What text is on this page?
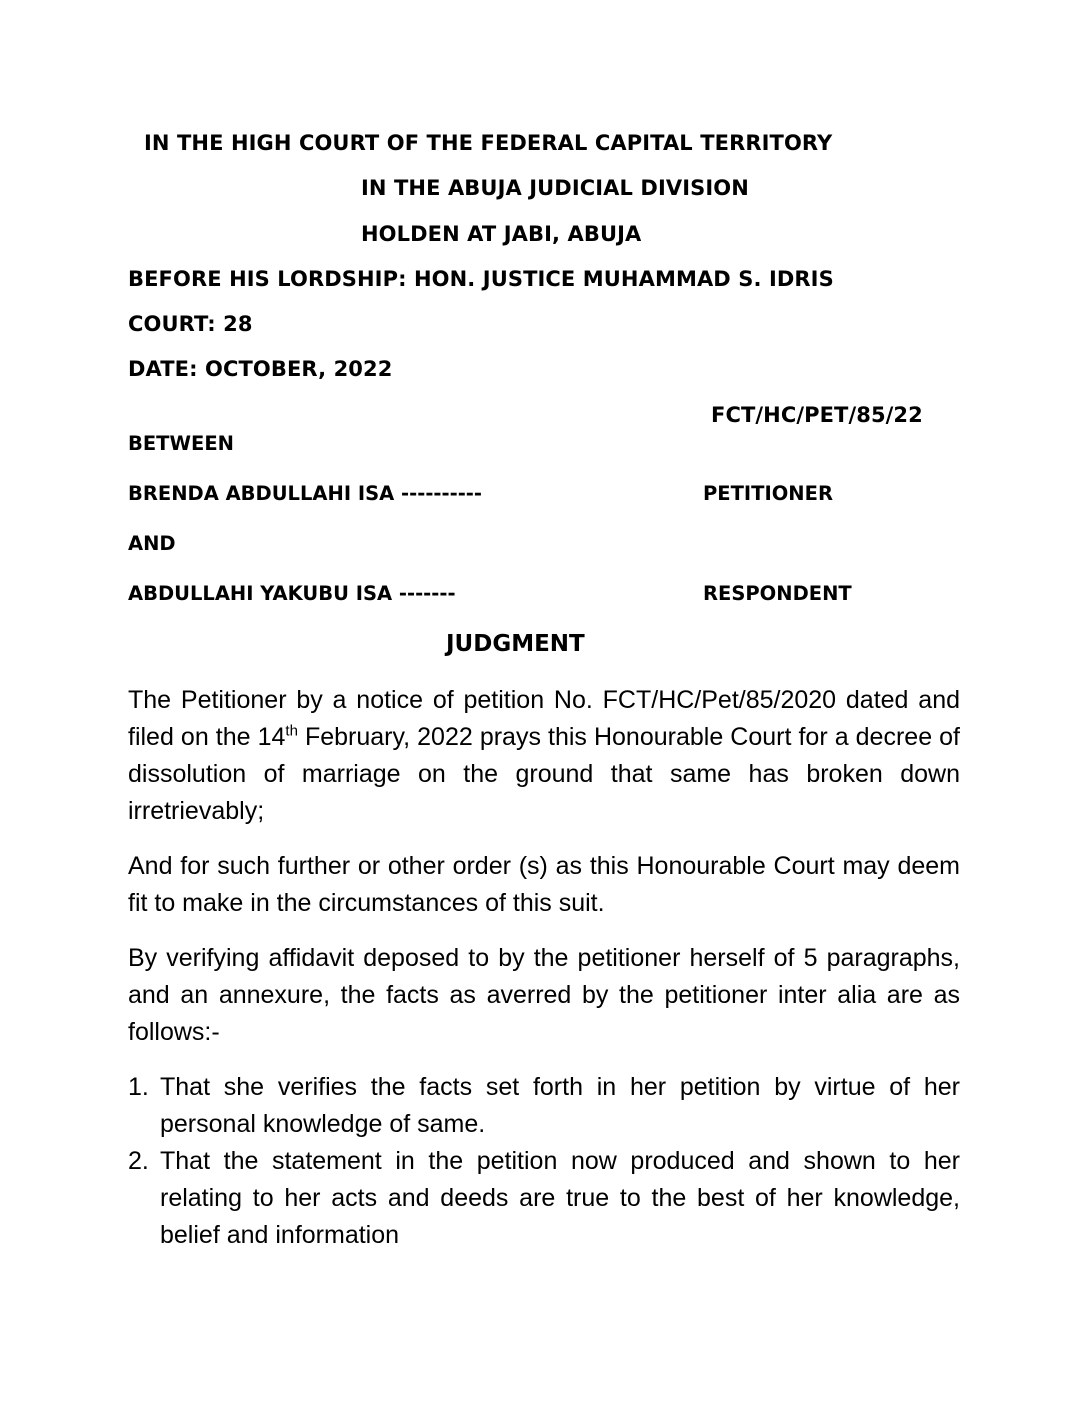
IN THE HIGH COURT OF THE FEDERAL CAPITAL TERRITORY

IN THE ABUJA JUDICIAL DIVISION

HOLDEN AT JABI, ABUJA

BEFORE HIS LORDSHIP: HON. JUSTICE MUHAMMAD S. IDRIS

COURT: 28

DATE: OCTOBER, 2022

FCT/HC/PET/85/22

BETWEEN

BRENDA ABDULLAHI ISA ----------	PETITIONER

AND

ABDULLAHI YAKUBU ISA -------	RESPONDENT

JUDGMENT

The Petitioner by a notice of petition No. FCT/HC/Pet/85/2020 dated and filed on the 14th February, 2022 prays this Honourable Court for a decree of dissolution of marriage on the ground that same has broken down irretrievably;

And for such further or other order (s) as this Honourable Court may deem fit to make in the circumstances of this suit.

By verifying affidavit deposed to by the petitioner herself of 5 paragraphs, and an annexure, the facts as averred by the petitioner inter alia are as follows:-

1. That she verifies the facts set forth in her petition by virtue of her personal knowledge of same.
2. That the statement in the petition now produced and shown to her relating to her acts and deeds are true to the best of her knowledge, belief and information
